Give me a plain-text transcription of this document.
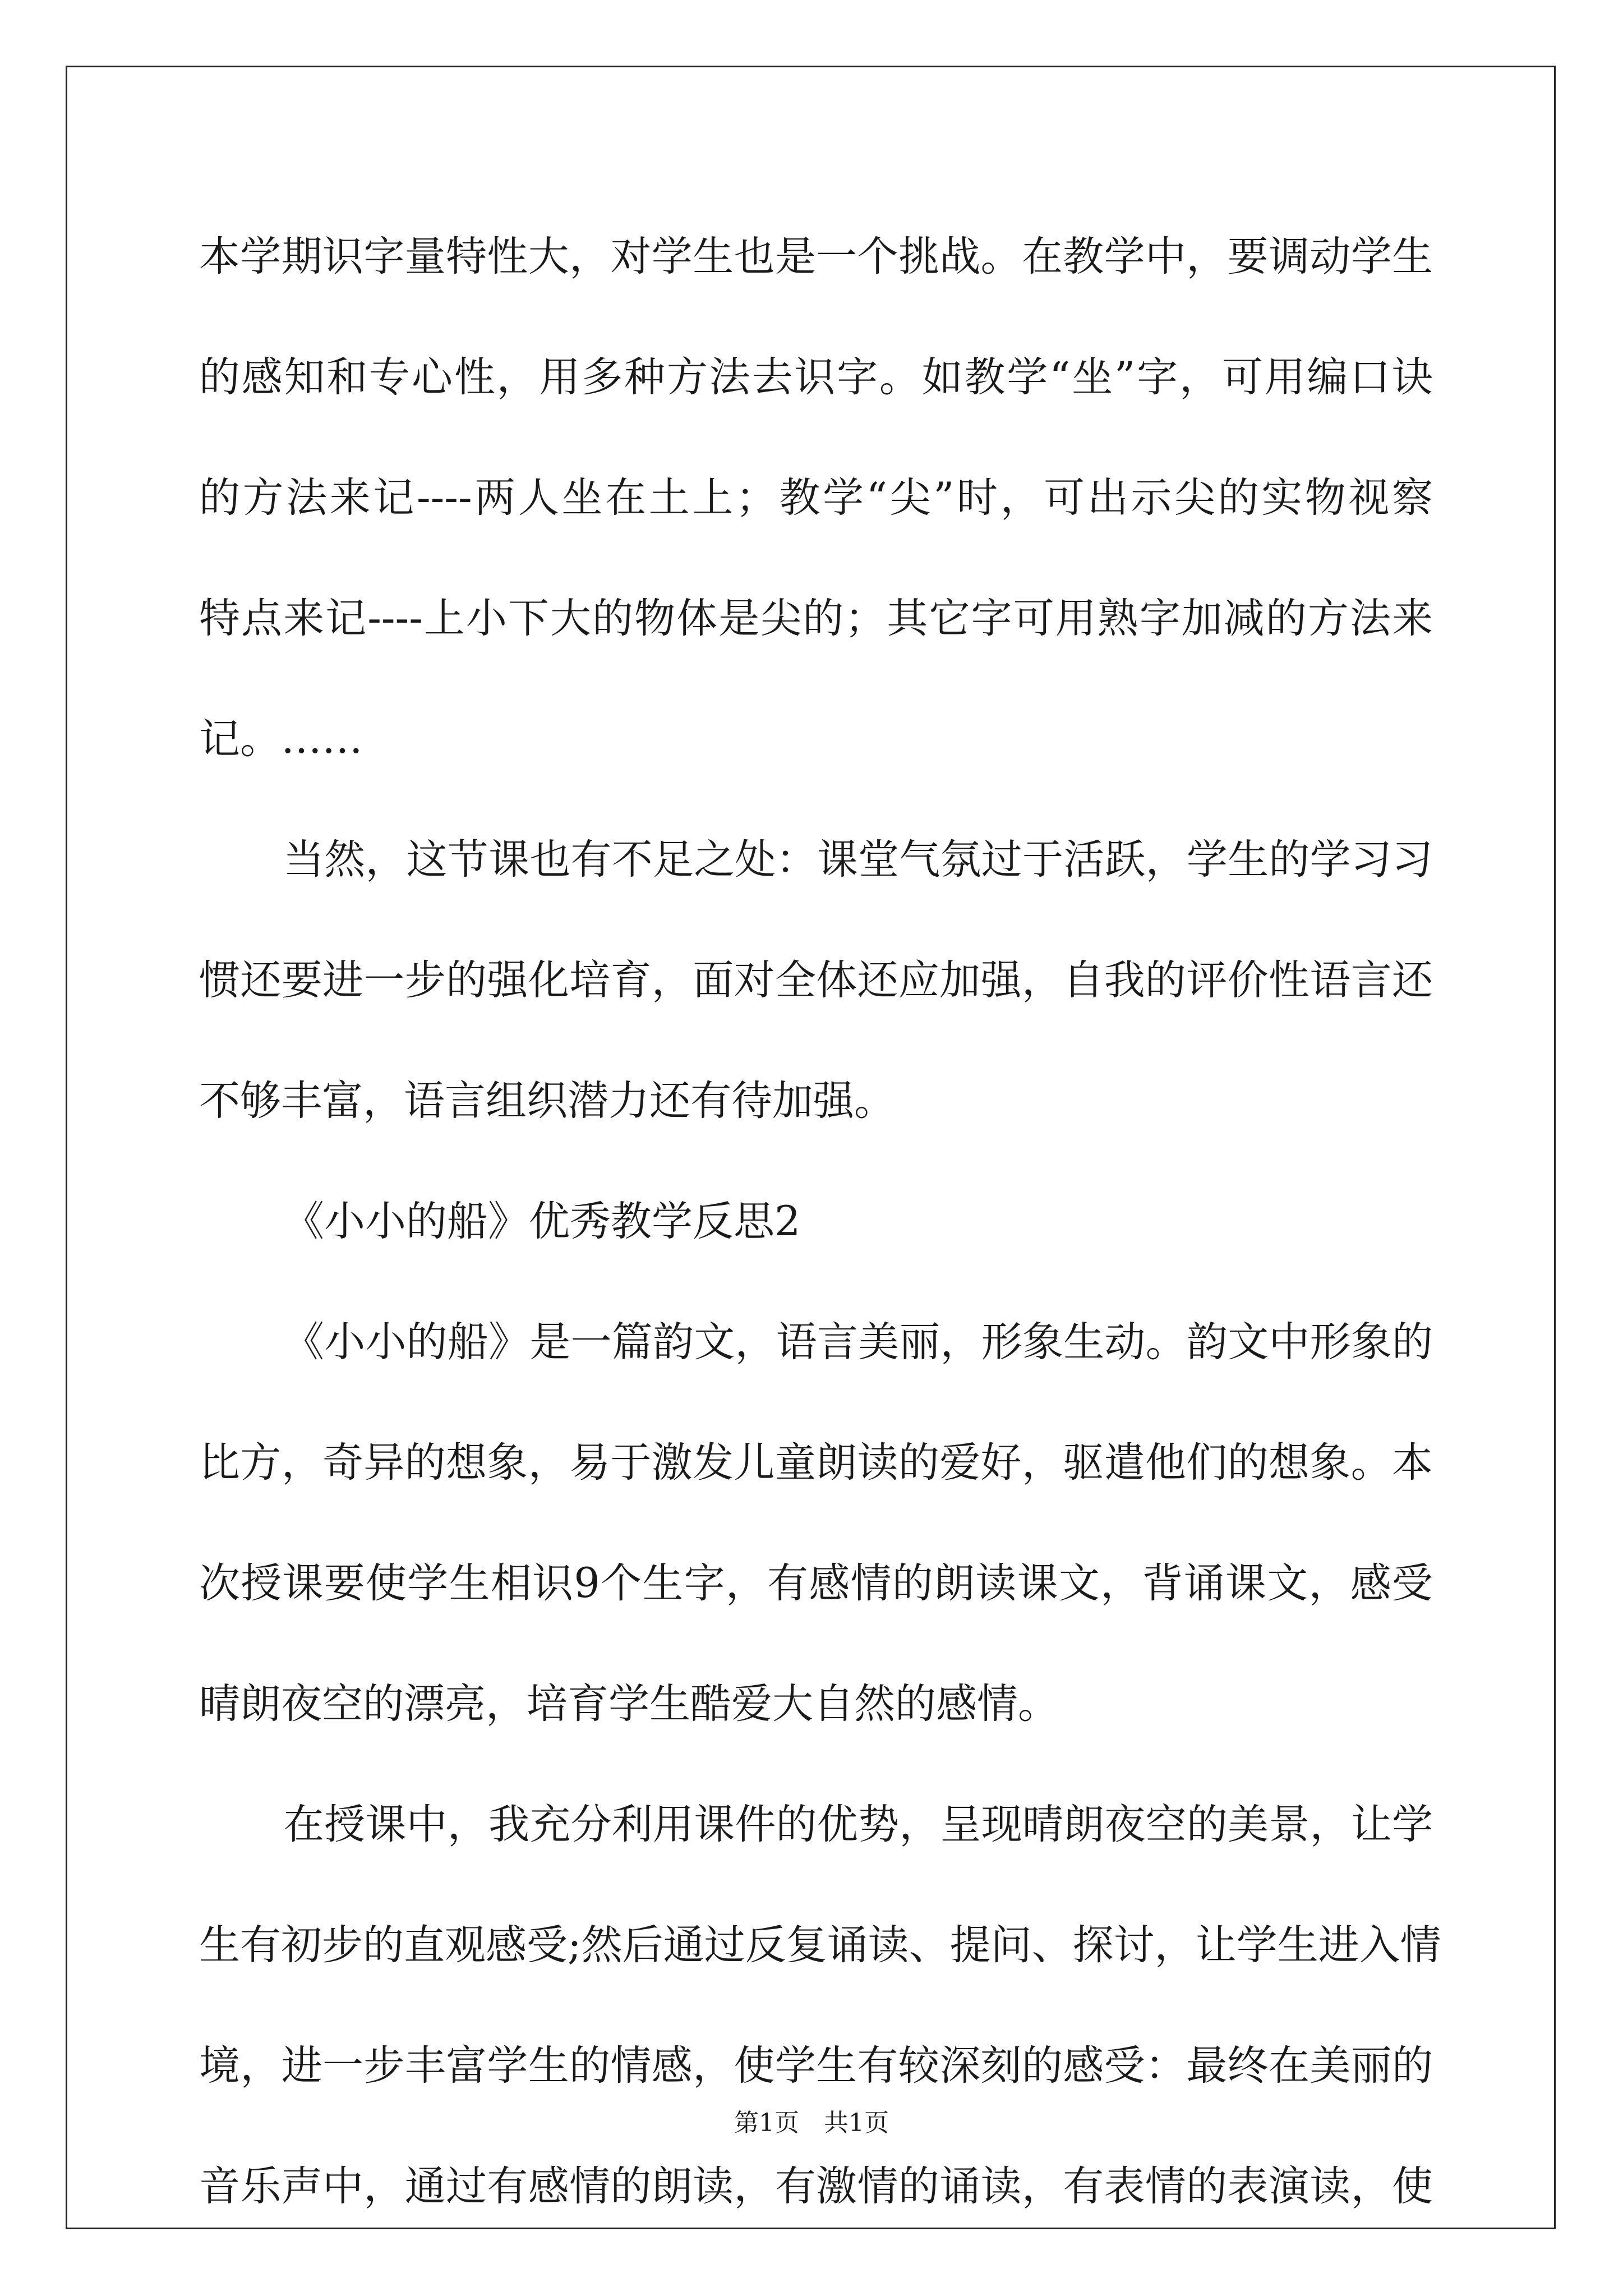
本学期识字量特性大，对学生也是一个挑战。在教学中，要调动学生
的感知和专心性，用多种方法去识字。如教学“坐”字，可用编口诀
的方法来记----两人坐在土上；教学“尖”时，可出示尖的实物视察
特点来记----上小下大的物体是尖的；其它字可用熟字加减的方法来
记。……
当然，这节课也有不足之处：课堂气氛过于活跃，学生的学习习
惯还要进一步的强化培育，面对全体还应加强，自我的评价性语言还
不够丰富，语言组织潜力还有待加强。
《小小的船》优秀教学反思2
《小小的船》是一篇韵文，语言美丽，形象生动。韵文中形象的
比方，奇异的想象，易于激发儿童朗读的爱好，驱遣他们的想象。本
次授课要使学生相识9个生字，有感情的朗读课文，背诵课文，感受
晴朗夜空的漂亮，培育学生酷爱大自然的感情。
在授课中，我充分利用课件的优势，呈现晴朗夜空的美景，让学
生有初步的直观感受;然后通过反复诵读、提问、探讨，让学生进入情
境，进一步丰富学生的情感，使学生有较深刻的感受：最终在美丽的
音乐声中，通过有感情的朗读，有激情的诵读，有表情的表演读，使
第1页　共1页
